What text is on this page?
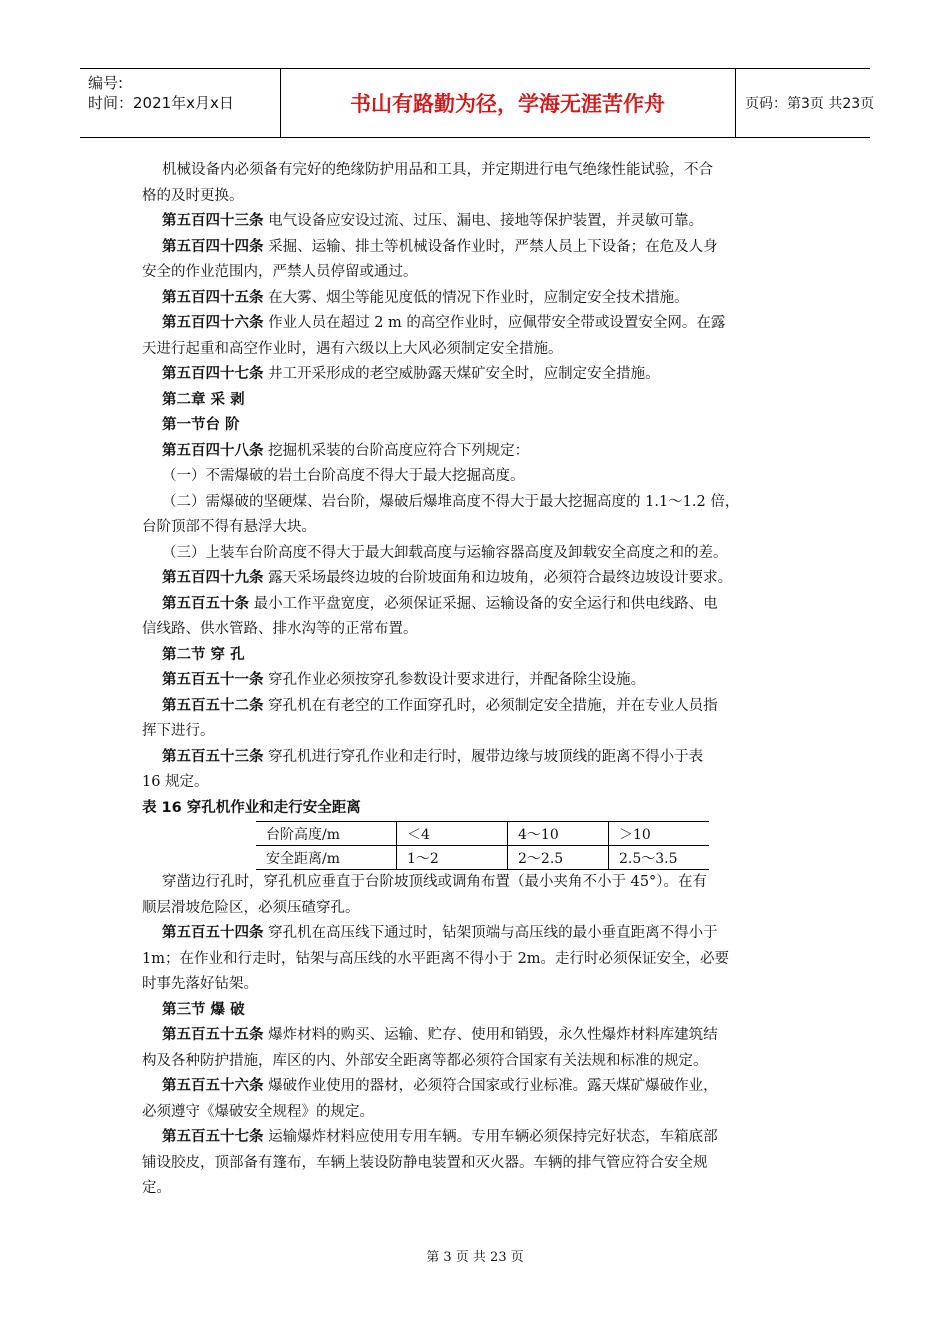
编号:
时间：2021年x月x日	书山有路勤为径，学海无涯苦作舟	页码：第3页 共23页
机械设备内必须备有完好的绝缘防护用品和工具，并定期进行电气绝缘性能试验，不合
格的及时更换。
第五百四十三条 电气设备应安设过流、过压、漏电、接地等保护装置，并灵敏可靠。
第五百四十四条 采掘、运输、排土等机械设备作业时，严禁人员上下设备；在危及人身
安全的作业范围内，严禁人员停留或通过。
第五百四十五条 在大雾、烟尘等能见度低的情况下作业时，应制定安全技术措施。
第五百四十六条 作业人员在超过 2 m 的高空作业时，应佩带安全带或设置安全网。在露
天进行起重和高空作业时，遇有六级以上大风必须制定安全措施。
第五百四十七条 井工开采形成的老空威胁露天煤矿安全时，应制定安全措施。
第二章 采 剥
第一节台 阶
第五百四十八条 挖掘机采装的台阶高度应符合下列规定：
（一）不需爆破的岩土台阶高度不得大于最大挖掘高度。
（二）需爆破的坚硬煤、岩台阶，爆破后爆堆高度不得大于最大挖掘高度的 1.1～1.2 倍，
台阶顶部不得有悬浮大块。
（三）上装车台阶高度不得大于最大卸载高度与运输容器高度及卸载安全高度之和的差。
第五百四十九条 露天采场最终边坡的台阶坡面角和边坡角，必须符合最终边坡设计要求。
第五百五十条 最小工作平盘宽度，必须保证采掘、运输设备的安全运行和供电线路、电
信线路、供水管路、排水沟等的正常布置。
第二节 穿 孔
第五百五十一条 穿孔作业必须按穿孔参数设计要求进行，并配备除尘设施。
第五百五十二条 穿孔机在有老空的工作面穿孔时，必须制定安全措施，并在专业人员指
挥下进行。
第五百五十三条 穿孔机进行穿孔作业和走行时，履带边缘与坡顶线的距离不得小于表
16 规定。
表 16 穿孔机作业和走行安全距离
台阶高度/m	＜4	4～10	＞10
安全距离/m	1～2	2～2.5	2.5～3.5
穿凿边行孔时，穿孔机应垂直于台阶坡顶线或调角布置（最小夹角不小于 45°）。在有
顺层滑坡危险区，必须压碴穿孔。
第五百五十四条 穿孔机在高压线下通过时，钻架顶端与高压线的最小垂直距离不得小于
1m；在作业和行走时，钻架与高压线的水平距离不得小于 2m。走行时必须保证安全，必要
时事先落好钻架。
第三节 爆 破
第五百五十五条 爆炸材料的购买、运输、贮存、使用和销毁，永久性爆炸材料库建筑结
构及各种防护措施，库区的内、外部安全距离等都必须符合国家有关法规和标准的规定。
第五百五十六条 爆破作业使用的器材，必须符合国家或行业标准。露天煤矿爆破作业，
必须遵守《爆破安全规程》的规定。
第五百五十七条 运输爆炸材料应使用专用车辆。专用车辆必须保持完好状态，车箱底部
铺设胶皮，顶部备有篷布，车辆上装设防静电装置和灭火器。车辆的排气管应符合安全规
定。
第 3 页 共 23 页
